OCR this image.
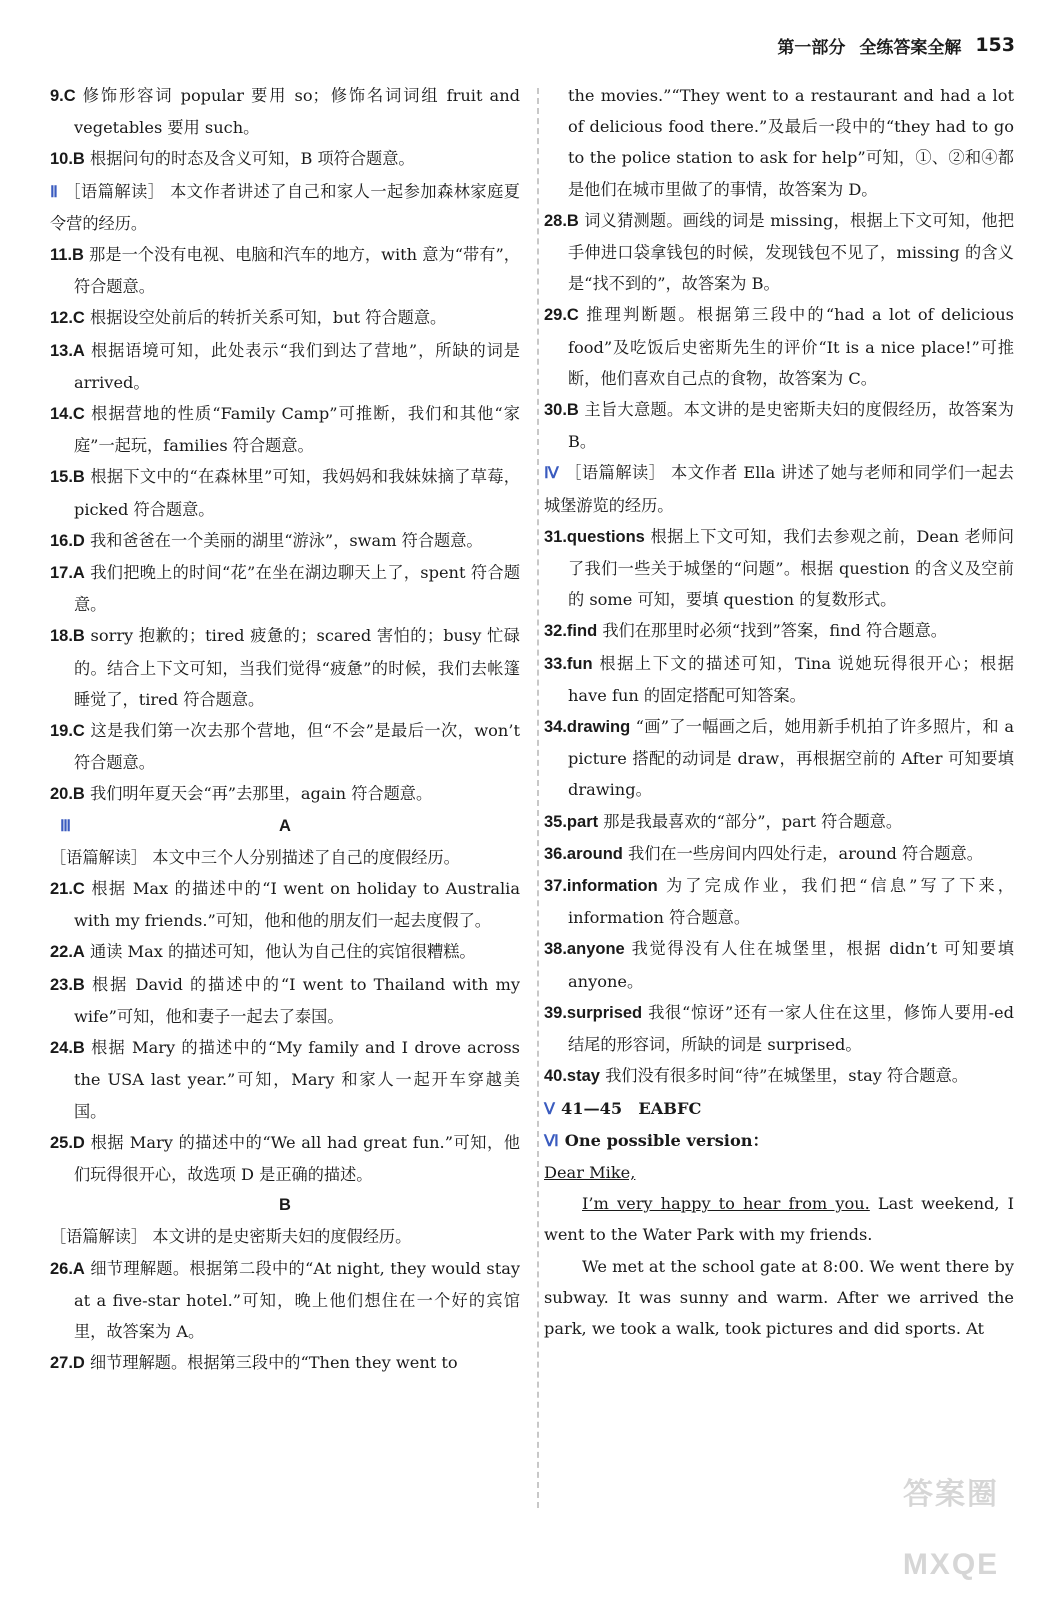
第一部分 全练答案全解 153
9.C 修饰形容词 popular 要用 so；修饰名词词组 fruit and vegetables 要用 such。
10.B 根据问句的时态及含义可知，B 项符合题意。
Ⅱ ［语篇解读］ 本文作者讲述了自己和家人一起参加森林家庭夏令营的经历。
11.B 那是一个没有电视、电脑和汽车的地方，with 意为“带有”，符合题意。
12.C 根据设空处前后的转折关系可知，but 符合题意。
13.A 根据语境可知，此处表示“我们到达了营地”，所缺的词是 arrived。
14.C 根据营地的性质“Family Camp”可推断，我们和其他“家庭”一起玩，families 符合题意。
15.B 根据下文中的“在森林里”可知，我妈妈和我妹妹摘了草莓，picked 符合题意。
16.D 我和爸爸在一个美丽的湖里“游泳”，swam 符合题意。
17.A 我们把晚上的时间“花”在坐在湖边聊天上了，spent 符合题意。
18.B sorry 抱歉的；tired 疲惫的；scared 害怕的；busy 忙碌的。结合上下文可知，当我们觉得“疲惫”的时候，我们去帐篷睡觉了，tired 符合题意。
19.C 这是我们第一次去那个营地，但“不会”是最后一次，won’t 符合题意。
20.B 我们明年夏天会“再”去那里，again 符合题意。
Ⅲ	A
［语篇解读］ 本文中三个人分别描述了自己的度假经历。
21.C 根据 Max 的描述中的“I went on holiday to Australia with my friends.”可知，他和他的朋友们一起去度假了。
22.A 通读 Max 的描述可知，他认为自己住的宾馆很糟糕。
23.B 根据 David 的描述中的“I went to Thailand with my wife”可知，他和妻子一起去了泰国。
24.B 根据 Mary 的描述中的“My family and I drove across the USA last year.”可知，Mary 和家人一起开车穿越美国。
25.D 根据 Mary 的描述中的“We all had great fun.”可知，他们玩得很开心，故选项 D 是正确的描述。
B
［语篇解读］ 本文讲的是史密斯夫妇的度假经历。
26.A 细节理解题。根据第二段中的“At night, they would stay at a five-star hotel.”可知，晚上他们想住在一个好的宾馆里，故答案为 A。
27.D 细节理解题。根据第三段中的“Then they went to
the movies.”“They went to a restaurant and had a lot of delicious food there.”及最后一段中的“they had to go to the police station to ask for help”可知，①、②和④都是他们在城市里做了的事情，故答案为 D。
28.B 词义猜测题。画线的词是 missing，根据上下文可知，他把手伸进口袋拿钱包的时候，发现钱包不见了，missing 的含义是“找不到的”，故答案为 B。
29.C 推理判断题。根据第三段中的“had a lot of delicious food”及吃饭后史密斯先生的评价“It is a nice place!”可推断，他们喜欢自己点的食物，故答案为 C。
30.B 主旨大意题。本文讲的是史密斯夫妇的度假经历，故答案为 B。
Ⅳ ［语篇解读］ 本文作者 Ella 讲述了她与老师和同学们一起去城堡游览的经历。
31.questions 根据上下文可知，我们去参观之前，Dean 老师问了我们一些关于城堡的“问题”。根据 question 的含义及空前的 some 可知，要填 question 的复数形式。
32.find 我们在那里时必须“找到”答案，find 符合题意。
33.fun 根据上下文的描述可知，Tina 说她玩得很开心；根据 have fun 的固定搭配可知答案。
34.drawing “画”了一幅画之后，她用新手机拍了许多照片，和 a picture 搭配的动词是 draw，再根据空前的 After 可知要填 drawing。
35.part 那是我最喜欢的“部分”，part 符合题意。
36.around 我们在一些房间内四处行走，around 符合题意。
37.information 为了完成作业，我们把“信息”写了下来，information 符合题意。
38.anyone 我觉得没有人住在城堡里，根据 didn’t 可知要填 anyone。
39.surprised 我很“惊讶”还有一家人住在这里，修饰人要用-ed 结尾的形容词，所缺的词是 surprised。
40.stay 我们没有很多时间“待”在城堡里，stay 符合题意。
Ⅴ 41—45　EABFC
Ⅵ One possible version：
Dear Mike,
I’m very happy to hear from you. Last weekend, I went to the Water Park with my friends.
We met at the school gate at 8:00. We went there by subway. It was sunny and warm. After we arrived the park, we took a walk, took pictures and did sports. At
答案圈 MXQE
